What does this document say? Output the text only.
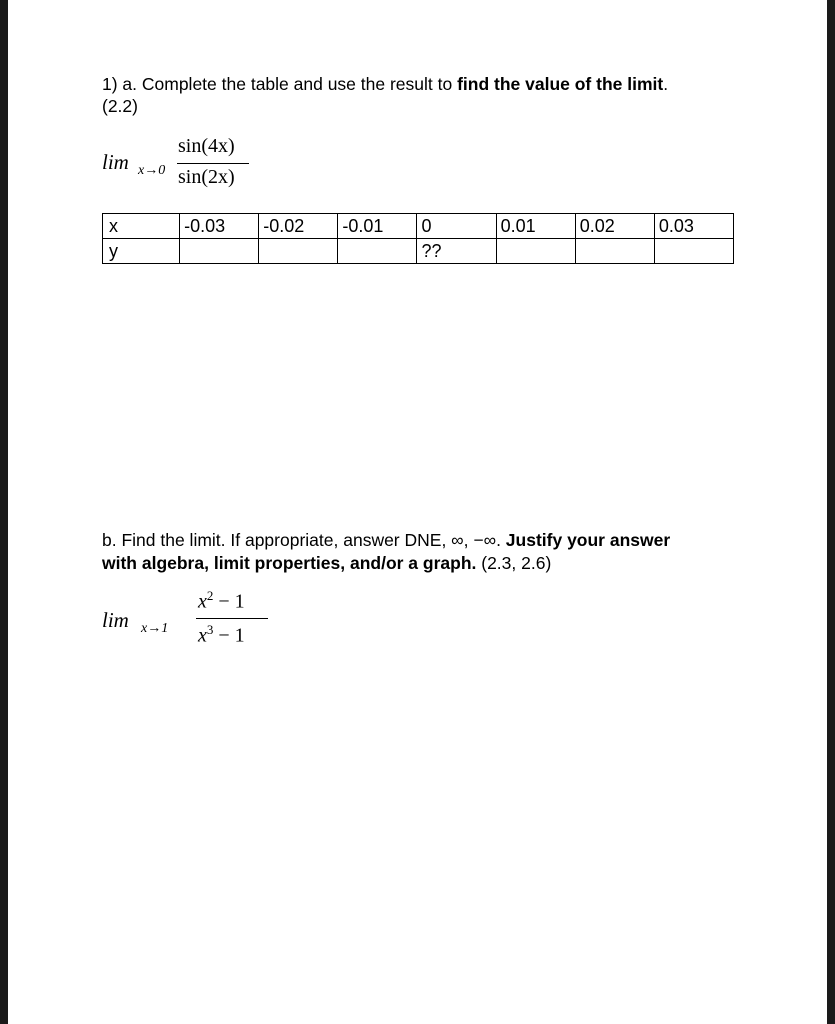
1) a. Complete the table and use the result to find the value of the limit.
(2.2)
lim x→0
sin(4x)
sin(2x)
x	-0.03	-0.02	-0.01	0	0.01	0.02	0.03
y				??			
b. Find the limit. If appropriate, answer DNE, ∞, −∞. Justify your answer
with algebra, limit properties, and/or a graph. (2.3, 2.6)
lim x→1
$x^2 - 1$
$x^3 - 1$
